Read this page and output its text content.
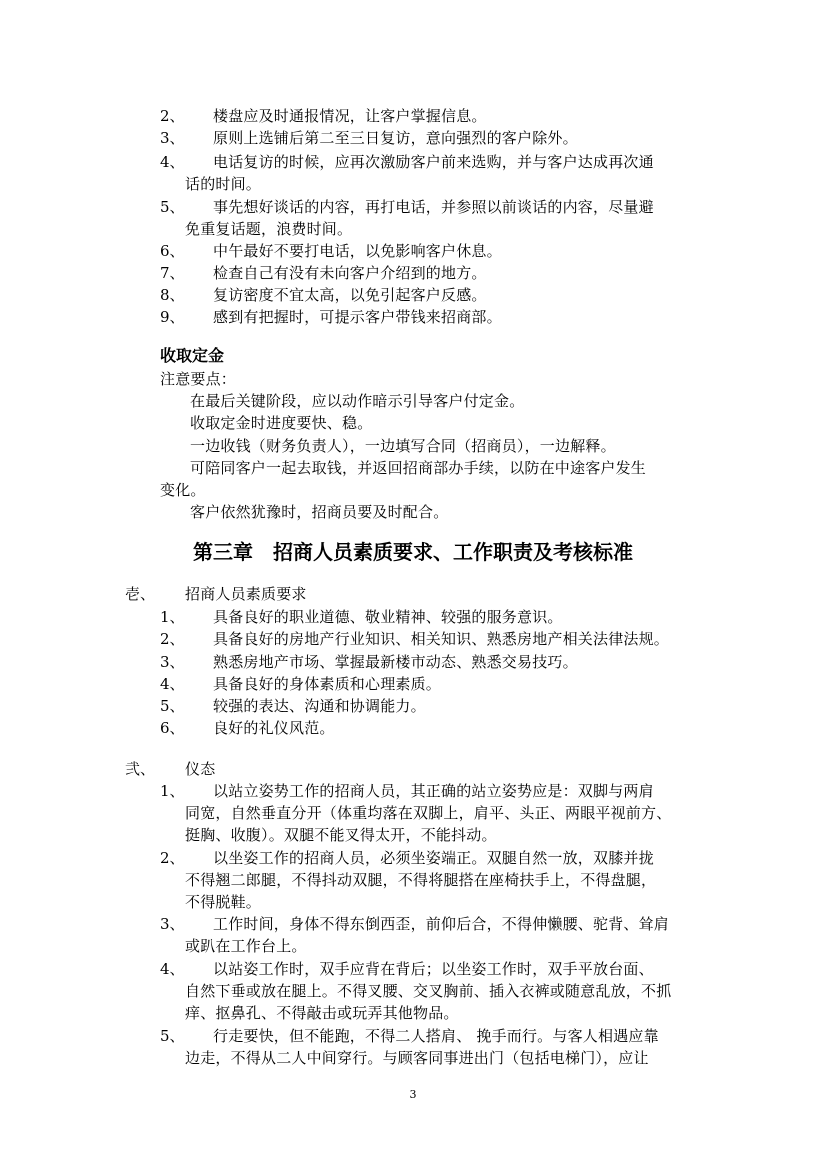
2、 楼盘应及时通报情况，让客户掌握信息。
3、 原则上选铺后第二至三日复访，意向强烈的客户除外。
4、 电话复访的时候，应再次激励客户前来选购，并与客户达成再次通
话的时间。
5、 事先想好谈话的内容，再打电话，并参照以前谈话的内容，尽量避
免重复话题，浪费时间。
6、 中午最好不要打电话，以免影响客户休息。
7、 检查自己有没有未向客户介绍到的地方。
8、 复访密度不宜太高，以免引起客户反感。
9、 感到有把握时，可提示客户带钱来招商部。
收取定金
注意要点：
在最后关键阶段，应以动作暗示引导客户付定金。
收取定金时进度要快、稳。
一边收钱（财务负责人），一边填写合同（招商员），一边解释。
可陪同客户一起去取钱，并返回招商部办手续，以防在中途客户发生
变化。
客户依然犹豫时，招商员要及时配合。
第三章　招商人员素质要求、工作职责及考核标准
壱、 招商人员素质要求
1、 具备良好的职业道德、敬业精神、较强的服务意识。
2、 具备良好的房地产行业知识、相关知识、熟悉房地产相关法律法规。
3、 熟悉房地产市场、掌握最新楼市动态、熟悉交易技巧。
4、 具备良好的身体素质和心理素质。
5、 较强的表达、沟通和协调能力。
6、 良好的礼仪风范。
弐、 仪态
1、 以站立姿势工作的招商人员，其正确的站立姿势应是：双脚与两肩
同宽，自然垂直分开（体重均落在双脚上，肩平、头正、两眼平视前方、
挺胸、收腹）。双腿不能叉得太开，不能抖动。
2、 以坐姿工作的招商人员，必须坐姿端正。双腿自然一放，双膝并拢
不得翘二郎腿，不得抖动双腿，不得将腿搭在座椅扶手上，不得盘腿，
不得脱鞋。
3、 工作时间，身体不得东倒西歪，前仰后合，不得伸懒腰、驼背、耸肩
或趴在工作台上。
4、 以站姿工作时，双手应背在背后；以坐姿工作时，双手平放台面、
自然下垂或放在腿上。不得叉腰、交叉胸前、插入衣裤或随意乱放，不抓
痒、抠鼻孔、不得敲击或玩弄其他物品。
5、 行走要快，但不能跑，不得二人搭肩、 挽手而行。与客人相遇应靠
边走，不得从二人中间穿行。与顾客同事进出门（包括电梯门），应让
3
